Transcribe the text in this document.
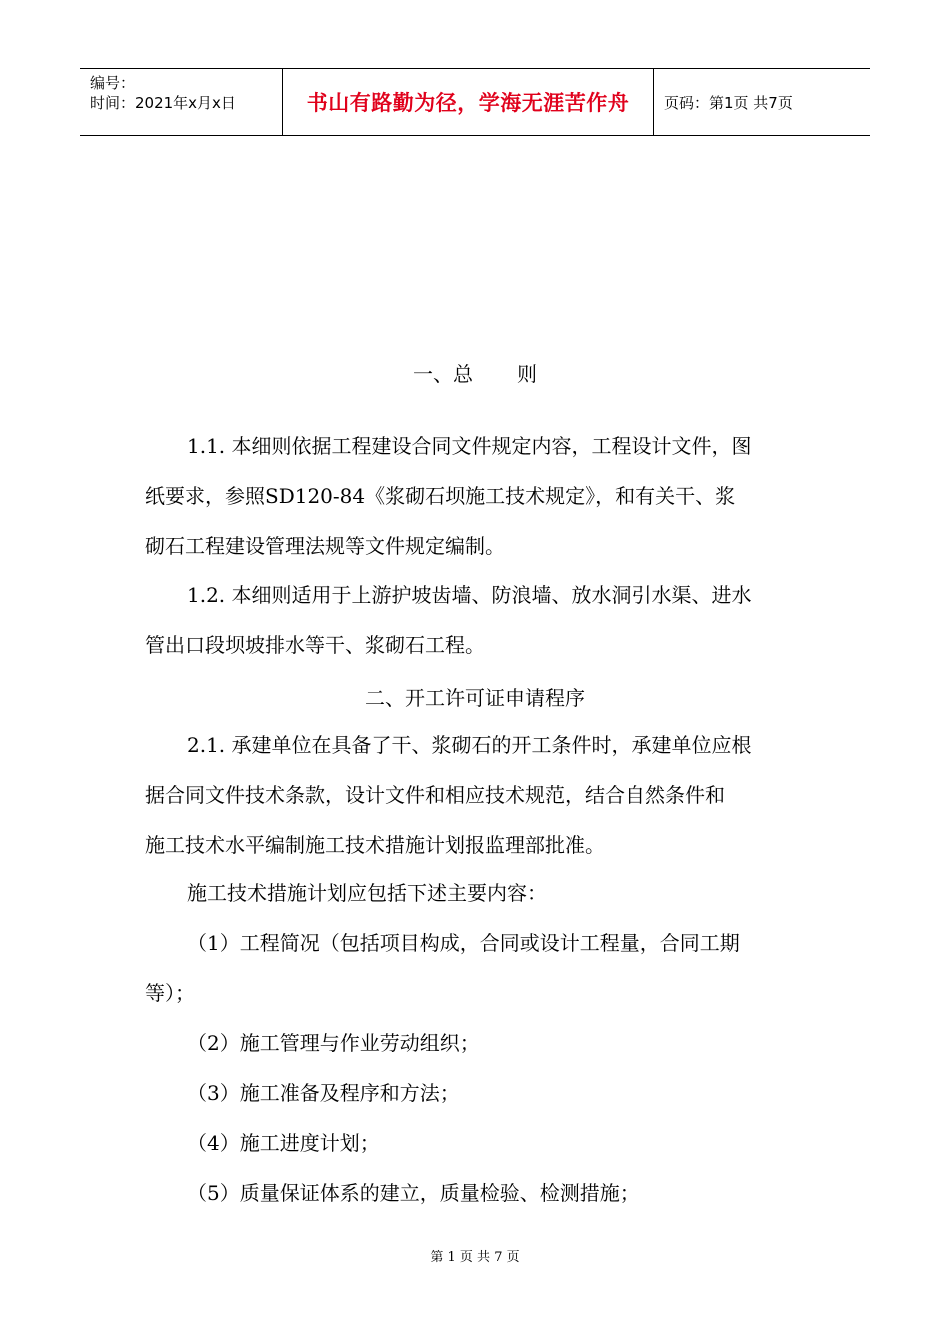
编号：
时间：2021年x月x日	书山有路勤为径，学海无涯苦作舟	页码：第1页 共7页
一、总 则
1.1. 本细则依据工程建设合同文件规定内容，工程设计文件，图
纸要求，参照SD120-84《浆砌石坝施工技术规定》，和有关干、浆
砌石工程建设管理法规等文件规定编制。
1.2. 本细则适用于上游护坡齿墙、防浪墙、放水洞引水渠、进水
管出口段坝坡排水等干、浆砌石工程。
二、开工许可证申请程序
2.1. 承建单位在具备了干、浆砌石的开工条件时，承建单位应根
据合同文件技术条款，设计文件和相应技术规范，结合自然条件和
施工技术水平编制施工技术措施计划报监理部批准。
施工技术措施计划应包括下述主要内容：
（1）工程简况（包括项目构成，合同或设计工程量，合同工期
等）；
（2）施工管理与作业劳动组织；
（3）施工准备及程序和方法；
（4）施工进度计划；
（5）质量保证体系的建立，质量检验、检测措施；
第 1 页 共 7 页
